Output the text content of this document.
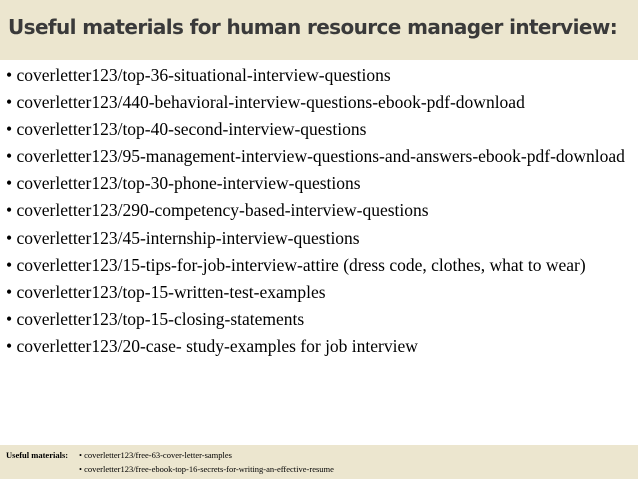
Useful materials for human resource manager interview:
• coverletter123/top-36-situational-interview-questions
• coverletter123/440-behavioral-interview-questions-ebook-pdf-download
• coverletter123/top-40-second-interview-questions
• coverletter123/95-management-interview-questions-and-answers-ebook-pdf-download
• coverletter123/top-30-phone-interview-questions
• coverletter123/290-competency-based-interview-questions
• coverletter123/45-internship-interview-questions
• coverletter123/15-tips-for-job-interview-attire (dress code, clothes, what to wear)
• coverletter123/top-15-written-test-examples
• coverletter123/top-15-closing-statements
• coverletter123/20-case- study-examples for job interview
Useful materials: • coverletter123/free-63-cover-letter-samples
• coverletter123/free-ebook-top-16-secrets-for-writing-an-effective-resume
